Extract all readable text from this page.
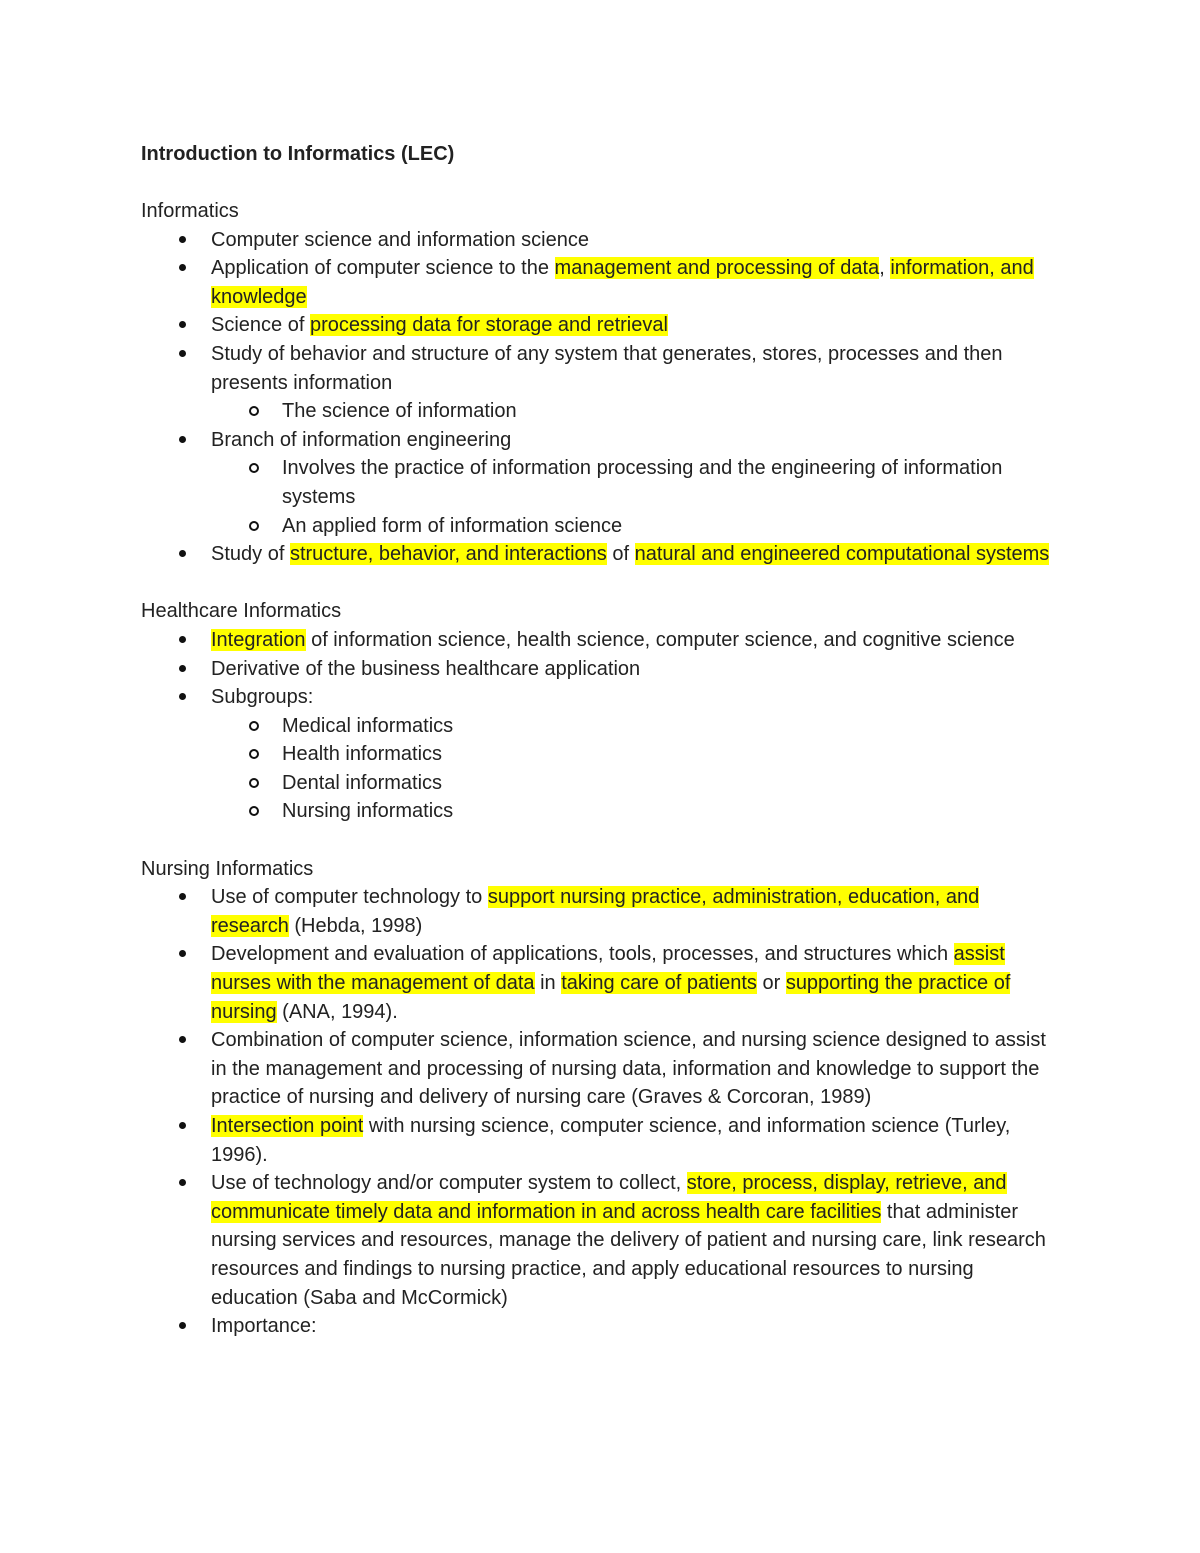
Introduction to Informatics (LEC)
Informatics
Computer science and information science
Application of computer science to the management and processing of data, information, and knowledge
Science of processing data for storage and retrieval
Study of behavior and structure of any system that generates, stores, processes and then presents information
The science of information
Branch of information engineering
Involves the practice of information processing and the engineering of information systems
An applied form of information science
Study of structure, behavior, and interactions of natural and engineered computational systems
Healthcare Informatics
Integration of information science, health science, computer science, and cognitive science
Derivative of the business healthcare application
Subgroups:
Medical informatics
Health informatics
Dental informatics
Nursing informatics
Nursing Informatics
Use of computer technology to support nursing practice, administration, education, and research (Hebda, 1998)
Development and evaluation of applications, tools, processes, and structures which assist nurses with the management of data in taking care of patients or supporting the practice of nursing (ANA, 1994).
Combination of computer science, information science, and nursing science designed to assist in the management and processing of nursing data, information and knowledge to support the practice of nursing and delivery of nursing care (Graves & Corcoran, 1989)
Intersection point with nursing science, computer science, and information science (Turley, 1996).
Use of technology and/or computer system to collect, store, process, display, retrieve, and communicate timely data and information in and across health care facilities that administer nursing services and resources, manage the delivery of patient and nursing care, link research resources and findings to nursing practice, and apply educational resources to nursing education (Saba and McCormick)
Importance:
